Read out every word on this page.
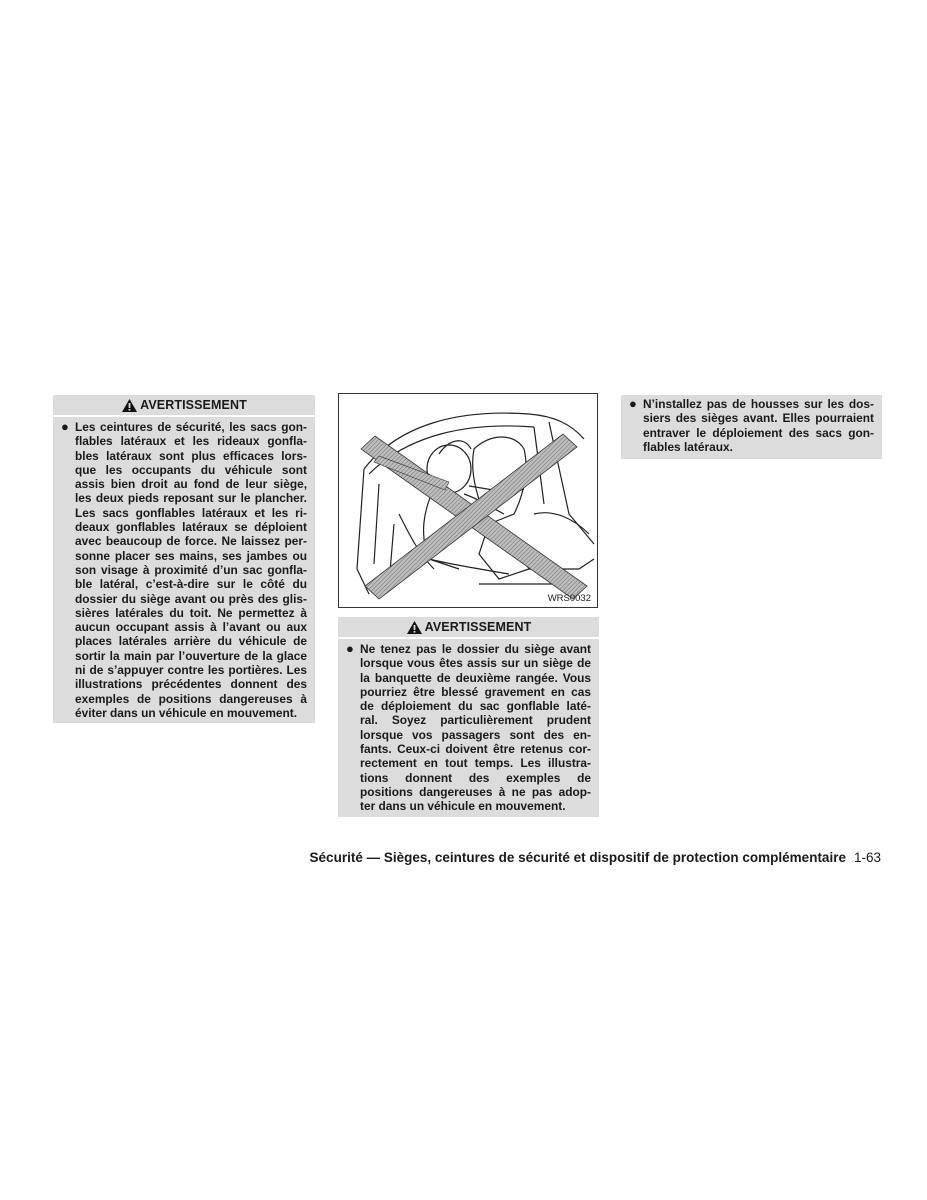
AVERTISSEMENT
● Les ceintures de sécurité, les sacs gon-
flables latéraux et les rideaux gonfla-
bles latéraux sont plus efficaces lors-
que les occupants du véhicule sont
assis bien droit au fond de leur siège,
les deux pieds reposant sur le plancher.
Les sacs gonflables latéraux et les ri-
deaux gonflables latéraux se déploient
avec beaucoup de force. Ne laissez per-
sonne placer ses mains, ses jambes ou
son visage à proximité d’un sac gonfla-
ble latéral, c’est-à-dire sur le côté du
dossier du siège avant ou près des glis-
sières latérales du toit. Ne permettez à
aucun occupant assis à l’avant ou aux
places latérales arrière du véhicule de
sortir la main par l’ouverture de la glace
ni de s’appuyer contre les portières. Les
illustrations précédentes donnent des
exemples de positions dangereuses à
éviter dans un véhicule en mouvement.
WRS0032
AVERTISSEMENT
● Ne tenez pas le dossier du siège avant
lorsque vous êtes assis sur un siège de
la banquette de deuxième rangée. Vous
pourriez être blessé gravement en cas
de déploiement du sac gonflable laté-
ral. Soyez particulièrement prudent
lorsque vos passagers sont des en-
fants. Ceux-ci doivent être retenus cor-
rectement en tout temps. Les illustra-
tions donnent des exemples de
positions dangereuses à ne pas adop-
ter dans un véhicule en mouvement.
● N’installez pas de housses sur les dos-
siers des sièges avant. Elles pourraient
entraver le déploiement des sacs gon-
flables latéraux.
Sécurité — Sièges, ceintures de sécurité et dispositif de protection complémentaire 1-63
